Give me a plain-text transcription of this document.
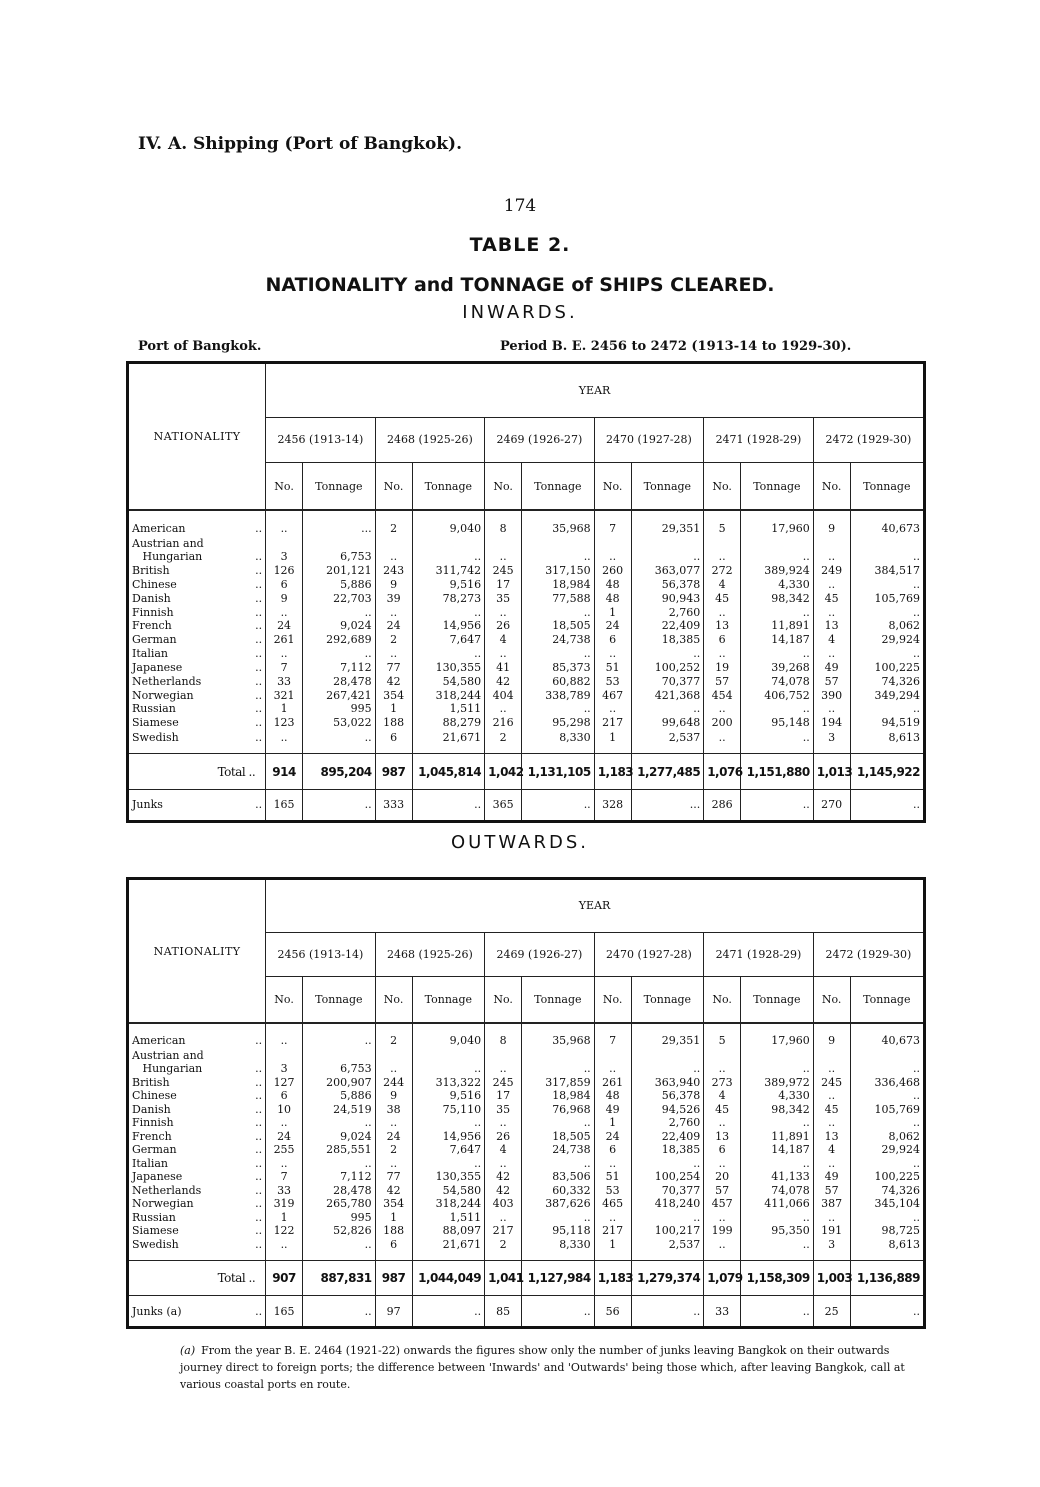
IV. A. Shipping (Port of Bangkok).
174
TABLE 2.
NATIONALITY and TONNAGE of SHIPS CLEARED.
INWARDS.
Port of Bangkok.	Period B. E. 2456 to 2472 (1913-14 to 1929-30).
NATIONALITY	YEAR											
	2456 (1913-14)		2468 (1925-26)		2469 (1926-27)		2470 (1927-28)		2471 (1928-29)		2472 (1929-30)	
	No.	Tonnage	No.	Tonnage	No.	Tonnage	No.	Tonnage	No.	Tonnage	No.	Tonnage
American ..	..	...	2	9,040	8	35,968	7	29,351	5	17,960	9	40,673
Austrian and												
Hungarian ..	3	6,753	..	..	..	..	..	..	..	..	..	..
British ..	126	201,121	243	311,742	245	317,150	260	363,077	272	389,924	249	384,517
Chinese ..	6	5,886	9	9,516	17	18,984	48	56,378	4	4,330	..	..
Danish ..	9	22,703	39	78,273	35	77,588	48	90,943	45	98,342	45	105,769
Finnish ..	..	..	..	..	..	..	1	2,760	..	..	..	..
French ..	24	9,024	24	14,956	26	18,505	24	22,409	13	11,891	13	8,062
German ..	261	292,689	2	7,647	4	24,738	6	18,385	6	14,187	4	29,924
Italian ..	..	..	..	..	..	..	..	..	..	..	..	..
Japanese ..	7	7,112	77	130,355	41	85,373	51	100,252	19	39,268	49	100,225
Netherlands ..	33	28,478	42	54,580	42	60,882	53	70,377	57	74,078	57	74,326
Norwegian ..	321	267,421	354	318,244	404	338,789	467	421,368	454	406,752	390	349,294
Russian ..	1	995	1	1,511	..	..	..	..	..	..	..	..
Siamese ..	123	53,022	188	88,279	216	95,298	217	99,648	200	95,148	194	94,519
Swedish ..	..	..	6	21,671	2	8,330	1	2,537	..	..	3	8,613
Total ..	914	895,204	987	1,045,814	1,042	1,131,105	1,183	1,277,485	1,076	1,151,880	1,013	1,145,922
Junks ..	165	..	333	..	365	..	328	...	286	..	270	..
OUTWARDS.
NATIONALITY	YEAR											
	2456 (1913-14)		2468 (1925-26)		2469 (1926-27)		2470 (1927-28)		2471 (1928-29)		2472 (1929-30)	
	No.	Tonnage	No.	Tonnage	No.	Tonnage	No.	Tonnage	No.	Tonnage	No.	Tonnage
American ..	..	..	2	9,040	8	35,968	7	29,351	5	17,960	9	40,673
Austrian and												
Hungarian ..	3	6,753	..	..	..	..	..	..	..	..	..	..
British ..	127	200,907	244	313,322	245	317,859	261	363,940	273	389,972	245	336,468
Chinese ..	6	5,886	9	9,516	17	18,984	48	56,378	4	4,330	..	..
Danish ..	10	24,519	38	75,110	35	76,968	49	94,526	45	98,342	45	105,769
Finnish ..	..	..	..	..	..	..	1	2,760	..	..	..	..
French ..	24	9,024	24	14,956	26	18,505	24	22,409	13	11,891	13	8,062
German ..	255	285,551	2	7,647	4	24,738	6	18,385	6	14,187	4	29,924
Italian ..	..	..	..	..	..	..	..	..	..	..	..	..
Japanese ..	7	7,112	77	130,355	42	83,506	51	100,254	20	41,133	49	100,225
Netherlands ..	33	28,478	42	54,580	42	60,332	53	70,377	57	74,078	57	74,326
Norwegian ..	319	265,780	354	318,244	403	387,626	465	418,240	457	411,066	387	345,104
Russian ..	1	995	1	1,511	..	..	..	..	..	..	..	..
Siamese ..	122	52,826	188	88,097	217	95,118	217	100,217	199	95,350	191	98,725
Swedish ..	..	..	6	21,671	2	8,330	1	2,537	..	..	3	8,613
Total ..	907	887,831	987	1,044,049	1,041	1,127,984	1,183	1,279,374	1,079	1,158,309	1,003	1,136,889
Junks (a) ..	165	..	97	..	85	..	56	..	33	..	25	..
(a) From the year B. E. 2464 (1921-22) onwards the figures show only the number of junks leaving Bangkok on their outwards journey direct to foreign ports; the difference between 'Inwards' and 'Outwards' being those which, after leaving Bangkok, call at various coastal ports en route.
